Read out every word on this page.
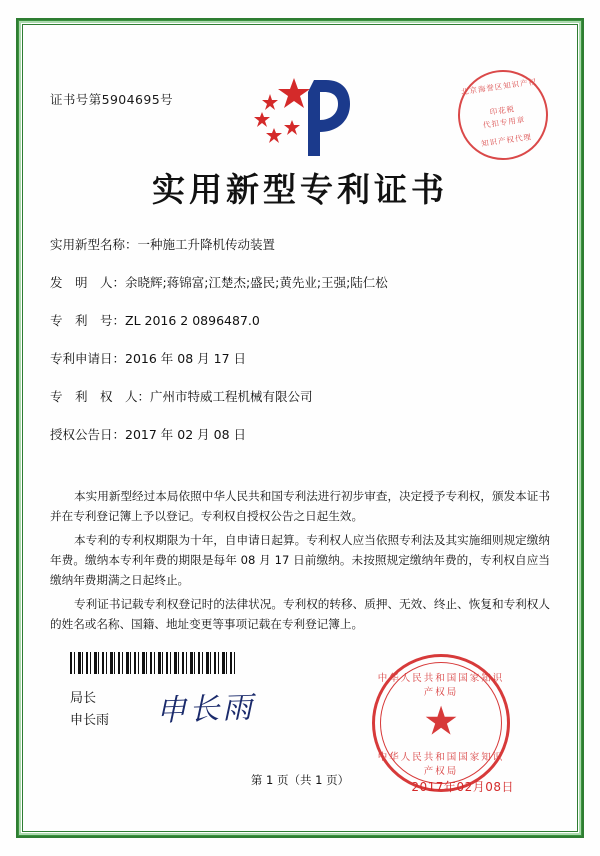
证书号第5904695号
北京海誉区知识产权
印花税
代扣专用章
知识产权代理
实用新型专利证书
实用新型名称：一种施工升降机传动装置
发　明　人：余晓辉;蒋锦富;江楚杰;盛民;黄先业;王强;陆仁松
专　利　号：ZL 2016 2 0896487.0
专利申请日：2016 年 08 月 17 日
专　利　权　人：广州市特威工程机械有限公司
授权公告日：2017 年 02 月 08 日

本实用新型经过本局依照中华人民共和国专利法进行初步审查，决定授予专利权，颁发本证书并在专利登记簿上予以登记。专利权自授权公告之日起生效。

本专利的专利权期限为十年，自申请日起算。专利权人应当依照专利法及其实施细则规定缴纳年费。缴纳本专利年费的期限是每年 08 月 17 日前缴纳。未按照规定缴纳年费的，专利权自应当缴纳年费期满之日起终止。

专利证书记载专利权登记时的法律状况。专利权的转移、质押、无效、终止、恢复和专利权人的姓名或名称、国籍、地址变更等事项记载在专利登记簿上。

局长
申长雨 申长雨
中华人民共和国国家知识产权局
★
中华人民共和国国家知识产权局
2017年02月08日
第 1 页（共 1 页）
